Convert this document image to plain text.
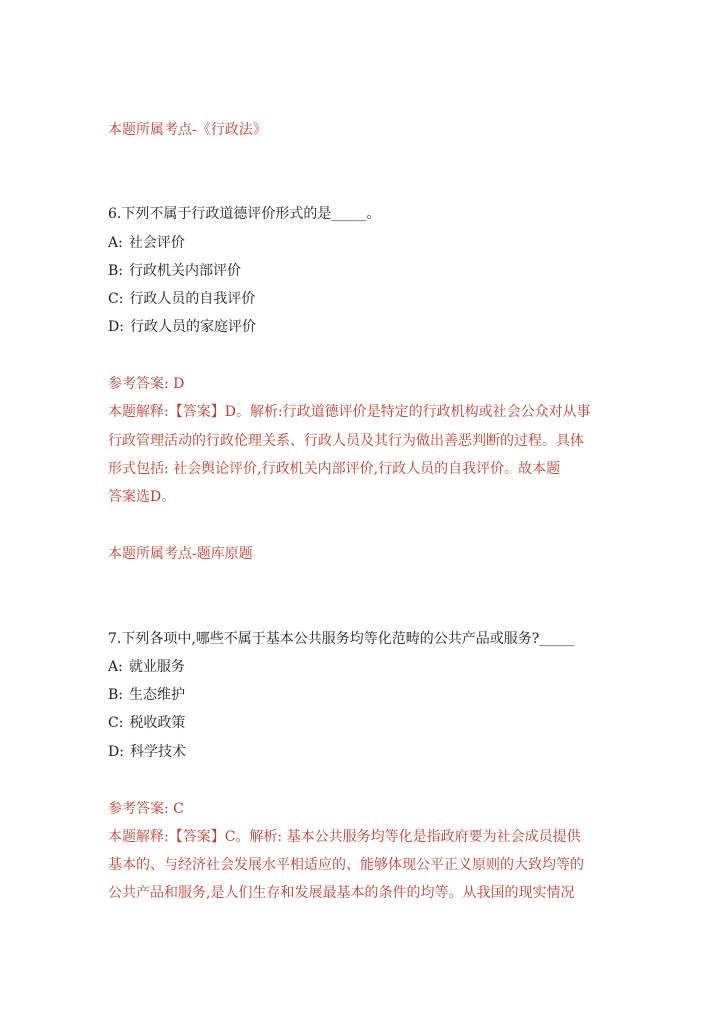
本题所属考点-《行政法》
6.下列不属于行政道德评价形式的是_____。
A: 社会评价
B: 行政机关内部评价
C: 行政人员的自我评价
D: 行政人员的家庭评价
参考答案: D
本题解释:【答案】D。解析:行政道德评价是特定的行政机构或社会公众对从事
行政管理活动的行政伦理关系、行政人员及其行为做出善恶判断的过程。具体
形式包括: 社会舆论评价,行政机关内部评价,行政人员的自我评价。故本题
答案选D。
本题所属考点-题库原题
7.下列各项中,哪些不属于基本公共服务均等化范畴的公共产品或服务?_____
A: 就业服务
B: 生态维护
C: 税收政策
D: 科学技术
参考答案: C
本题解释:【答案】C。解析: 基本公共服务均等化是指政府要为社会成员提供
基本的、与经济社会发展水平相适应的、能够体现公平正义原则的大致均等的
公共产品和服务,是人们生存和发展最基本的条件的均等。从我国的现实情况
